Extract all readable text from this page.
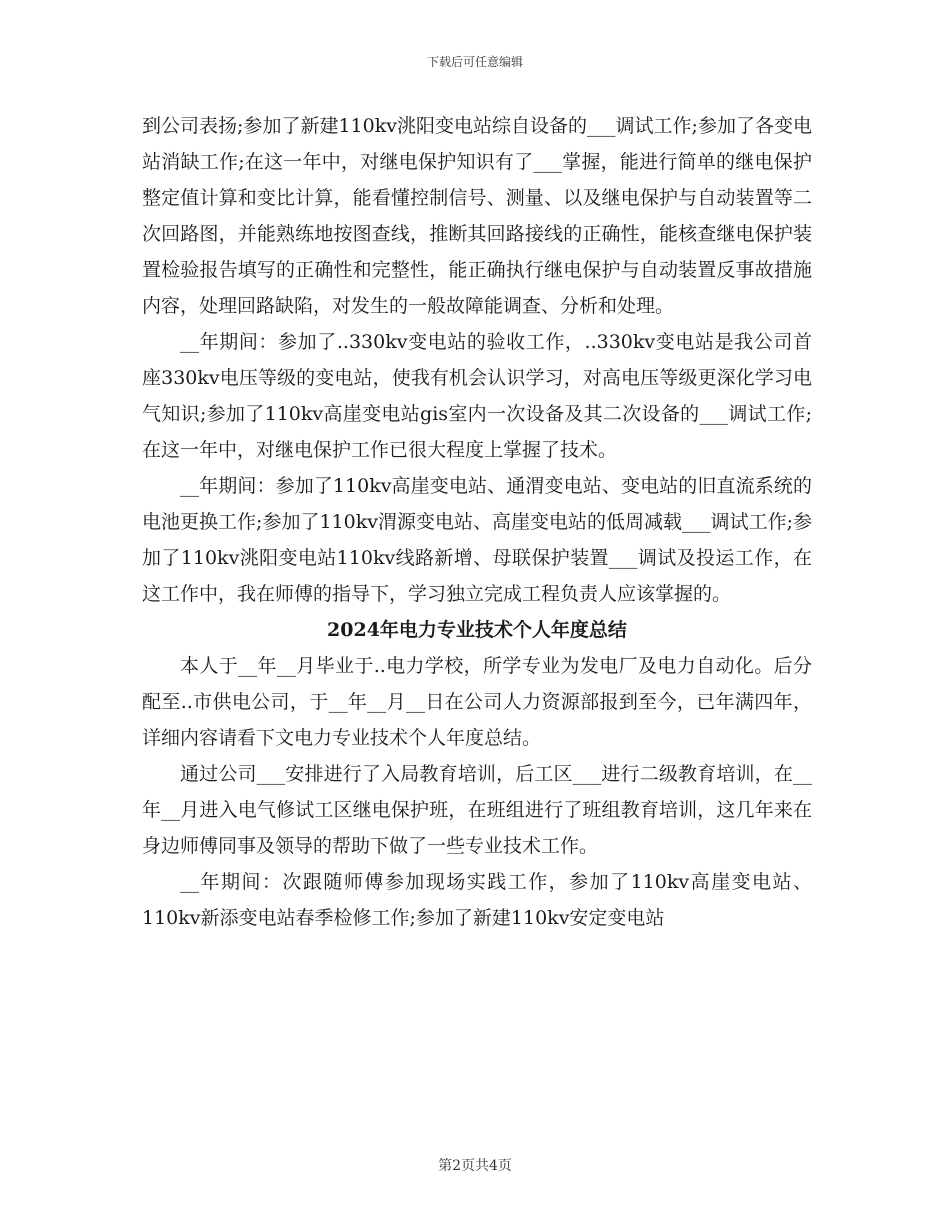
下载后可任意编辑

到公司表扬;参加了新建110kv洮阳变电站综自设备的___调试工作;参加了各变电站消缺工作;在这一年中，对继电保护知识有了___掌握，能进行简单的继电保护整定值计算和变比计算，能看懂控制信号、测量、以及继电保护与自动装置等二次回路图，并能熟练地按图查线，推断其回路接线的正确性，能核查继电保护装置检验报告填写的正确性和完整性，能正确执行继电保护与自动装置反事故措施内容，处理回路缺陷，对发生的一般故障能调查、分析和处理。

__年期间：参加了..330kv变电站的验收工作，..330kv变电站是我公司首座330kv电压等级的变电站，使我有机会认识学习，对高电压等级更深化学习电气知识;参加了110kv高崖变电站gis室内一次设备及其二次设备的___调试工作;在这一年中，对继电保护工作已很大程度上掌握了技术。

__年期间：参加了110kv高崖变电站、通渭变电站、变电站的旧直流系统的电池更换工作;参加了110kv渭源变电站、高崖变电站的低周减载___调试工作;参加了110kv洮阳变电站110kv线路新增、母联保护装置___调试及投运工作，在这工作中，我在师傅的指导下，学习独立完成工程负责人应该掌握的。

2024年电力专业技术个人年度总结

本人于__年__月毕业于..电力学校，所学专业为发电厂及电力自动化。后分配至..市供电公司，于__年__月__日在公司人力资源部报到至今，已年满四年，详细内容请看下文电力专业技术个人年度总结。

通过公司___安排进行了入局教育培训，后工区___进行二级教育培训，在__年__月进入电气修试工区继电保护班，在班组进行了班组教育培训，这几年来在身边师傅同事及领导的帮助下做了一些专业技术工作。

__年期间：次跟随师傅参加现场实践工作，参加了110kv高崖变电站、110kv新添变电站春季检修工作;参加了新建110kv安定变电站

第2页共4页
